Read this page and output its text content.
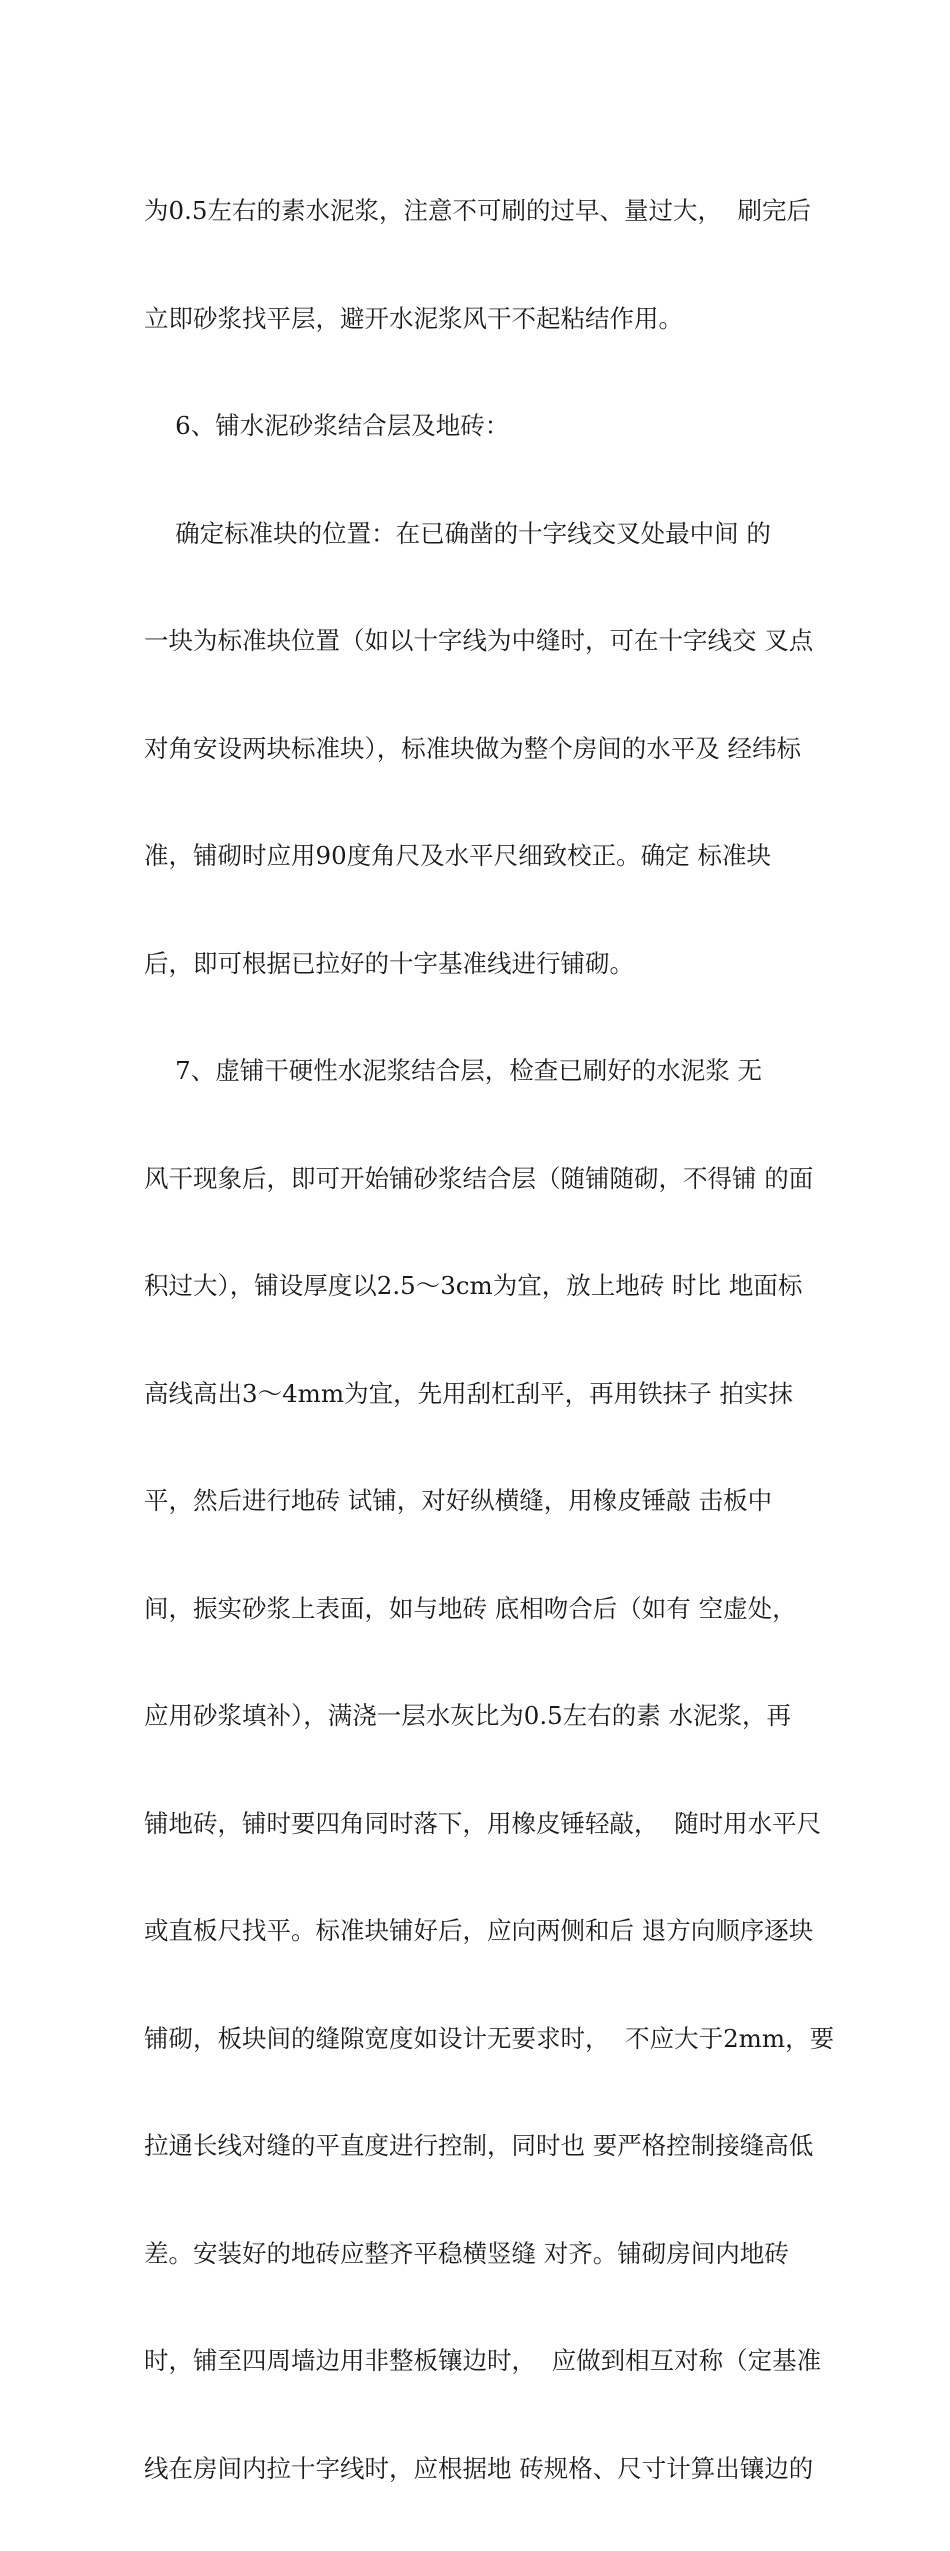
为0.5左右的素水泥浆，注意不可刷的过早、量过大，  刷完后

立即砂浆找平层，避开水泥浆风干不起粘结作用。

6、铺水泥砂浆结合层及地砖：

确定标准块的位置：在已确凿的十字线交叉处最中间 的

一块为标准块位置（如以十字线为中缝时，可在十字线交 叉点

对角安设两块标准块），标准块做为整个房间的水平及 经纬标

准，铺砌时应用90度角尺及水平尺细致校正。确定 标准块

后，即可根据已拉好的十字基准线进行铺砌。

7、虚铺干硬性水泥浆结合层，检查已刷好的水泥浆 无

风干现象后，即可开始铺砂浆结合层（随铺随砌，不得铺 的面

积过大），铺设厚度以2.5〜3cm为宜，放上地砖 时比 地面标

高线高出3〜4mm为宜，先用刮杠刮平，再用铁抹子 拍实抹

平，然后进行地砖 试铺，对好纵横缝，用橡皮锤敲 击板中

间，振实砂浆上表面，如与地砖 底相吻合后（如有 空虚处，

应用砂浆填补），满浇一层水灰比为0.5左右的素 水泥浆，再

铺地砖，铺时要四角同时落下，用橡皮锤轻敲，  随时用水平尺

或直板尺找平。标准块铺好后，应向两侧和后 退方向顺序逐块

铺砌，板块间的缝隙宽度如设计无要求时，  不应大于2mm，要

拉通长线对缝的平直度进行控制，同时也 要严格控制接缝高低

差。安装好的地砖应整齐平稳横竖缝 对齐。铺砌房间内地砖

时，铺至四周墙边用非整板镶边时，  应做到相互对称（定基准

线在房间内拉十字线时，应根据地 砖规格、尺寸计算出镶边的
